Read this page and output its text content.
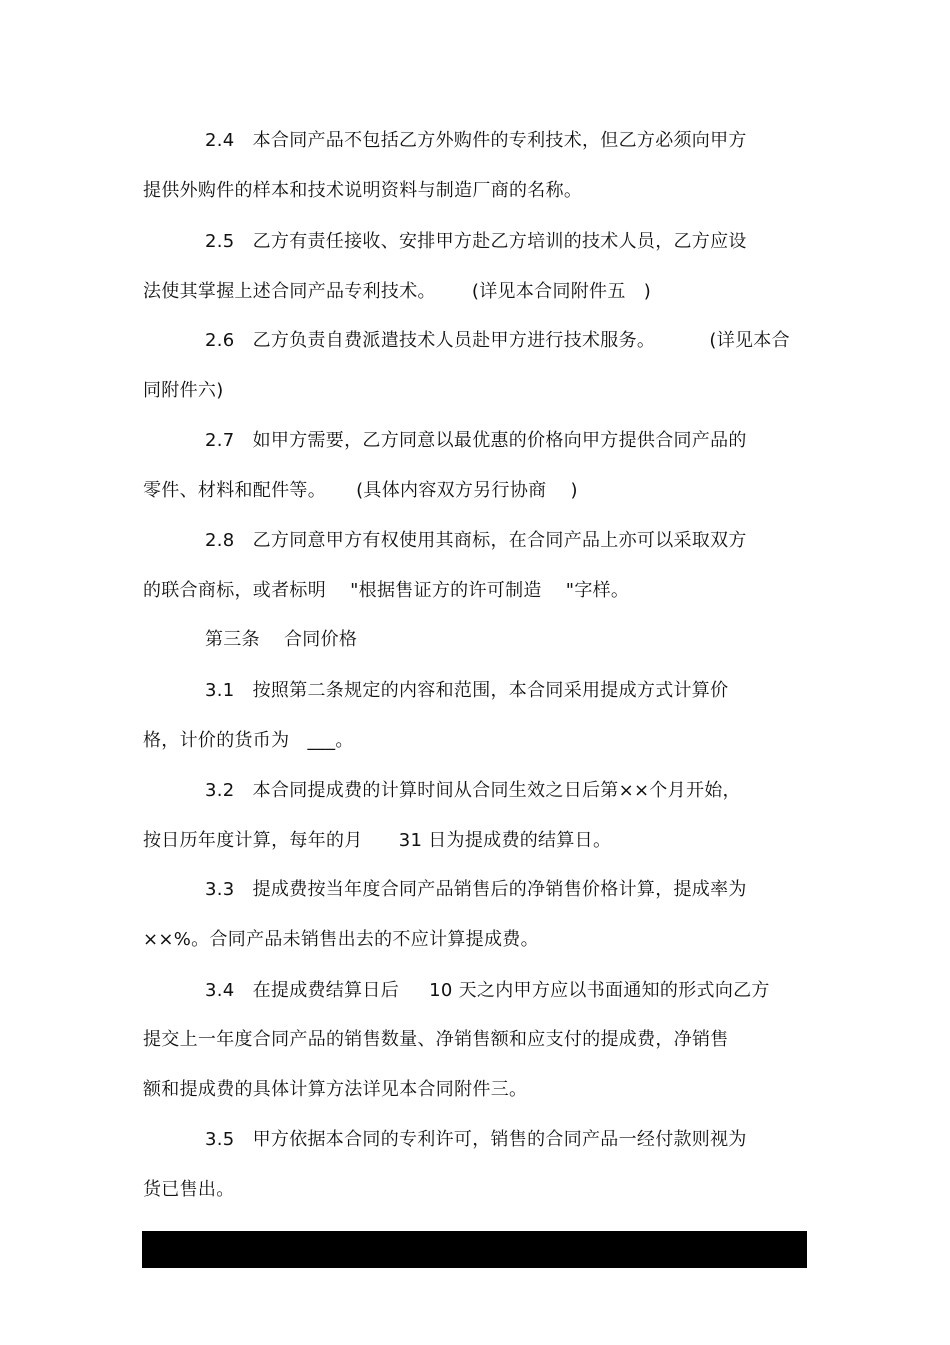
2.4   本合同产品不包括乙方外购件的专利技术，但乙方必须向甲方
提供外购件的样本和技术说明资料与制造厂商的名称。
2.5   乙方有责任接收、安排甲方赴乙方培训的技术人员，乙方应设
法使其掌握上述合同产品专利技术。      (详见本合同附件五   )
2.6   乙方负责自费派遣技术人员赴甲方进行技术服务。         (详见本合
同附件六)
2.7   如甲方需要，乙方同意以最优惠的价格向甲方提供合同产品的
零件、材料和配件等。     (具体内容双方另行协商    )
2.8   乙方同意甲方有权使用其商标，在合同产品上亦可以采取双方
的联合商标，或者标明    "根据售证方的许可制造    "字样。
第三条    合同价格
3.1   按照第二条规定的内容和范围，本合同采用提成方式计算价
格，计价的货币为   ___。
3.2   本合同提成费的计算时间从合同生效之日后第××个月开始，
按日历年度计算，每年的月      31 日为提成费的结算日。
3.3   提成费按当年度合同产品销售后的净销售价格计算，提成率为
××%。合同产品未销售出去的不应计算提成费。
3.4   在提成费结算日后     10 天之内甲方应以书面通知的形式向乙方
提交上一年度合同产品的销售数量、净销售额和应支付的提成费，净销售
额和提成费的具体计算方法详见本合同附件三。
3.5   甲方依据本合同的专利许可，销售的合同产品一经付款则视为
货已售出。
